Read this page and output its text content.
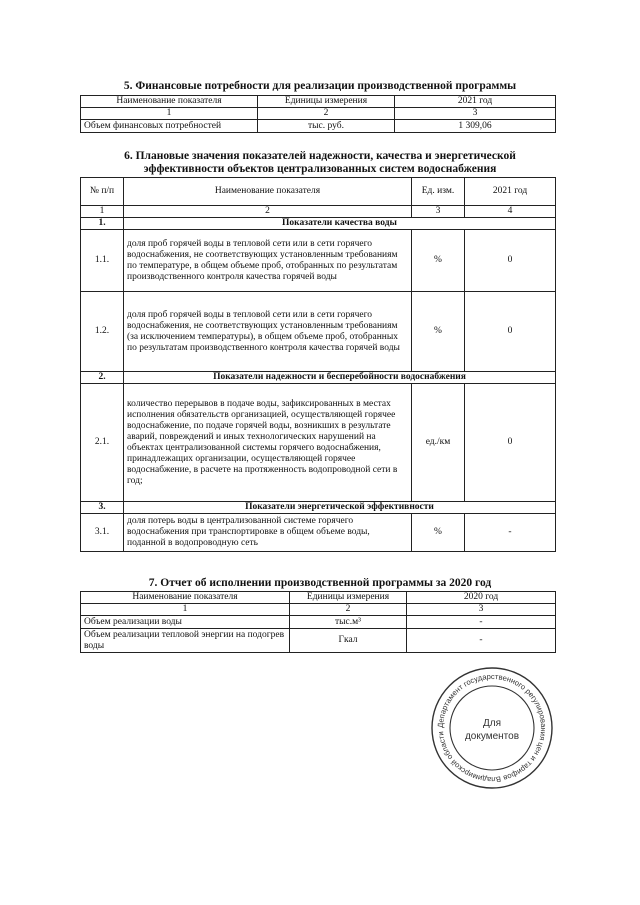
5. Финансовые потребности для реализации производственной программы
Наименование показателя	Единицы измерения	2021 год
1	2	3
Объем финансовых потребностей	тыс. руб.	1 309,06
6. Плановые значения показателей надежности, качества и энергетической
эффективности объектов централизованных систем водоснабжения
№ п/п	Наименование показателя	Ед. изм.	2021 год
1	2	3	4
1.	Показатели качества воды		
1.1.	доля проб горячей воды в тепловой сети или в сети горячего водоснабжения, не соответствующих установленным требованиям по температуре, в общем объеме проб, отобранных по результатам производственного контроля качества горячей воды	%	0
1.2.	доля проб горячей воды в тепловой сети или в сети горячего водоснабжения, не соответствующих установленным требованиям (за исключением температуры), в общем объеме проб, отобранных по результатам производственного контроля качества горячей воды	%	0
2.	Показатели надежности и бесперебойности водоснабжения		
2.1.	количество перерывов в подаче воды, зафиксированных в местах исполнения обязательств организацией, осуществляющей горячее водоснабжение, по подаче горячей воды, возникших в результате аварий, повреждений и иных технологических нарушений на объектах централизованной системы горячего водоснабжения, принадлежащих организации, осуществляющей горячее водоснабжение, в расчете на протяженность водопроводной сети в год;	ед./км	0
3.	Показатели энергетической эффективности		
3.1.	доля потерь воды в централизованной системе горячего водоснабжения при транспортировке в общем объеме воды, поданной в водопроводную сеть	%	-
7. Отчет об исполнении производственной программы за 2020 год
Наименование показателя	Единицы измерения	2020 год
1	2	3
Объем реализации воды	тыс.м³	-
Объем реализации тепловой энергии на подогрев воды	Гкал	-
Департамент государственного регулирования цен и тарифов Владимирской области
Для
документов
